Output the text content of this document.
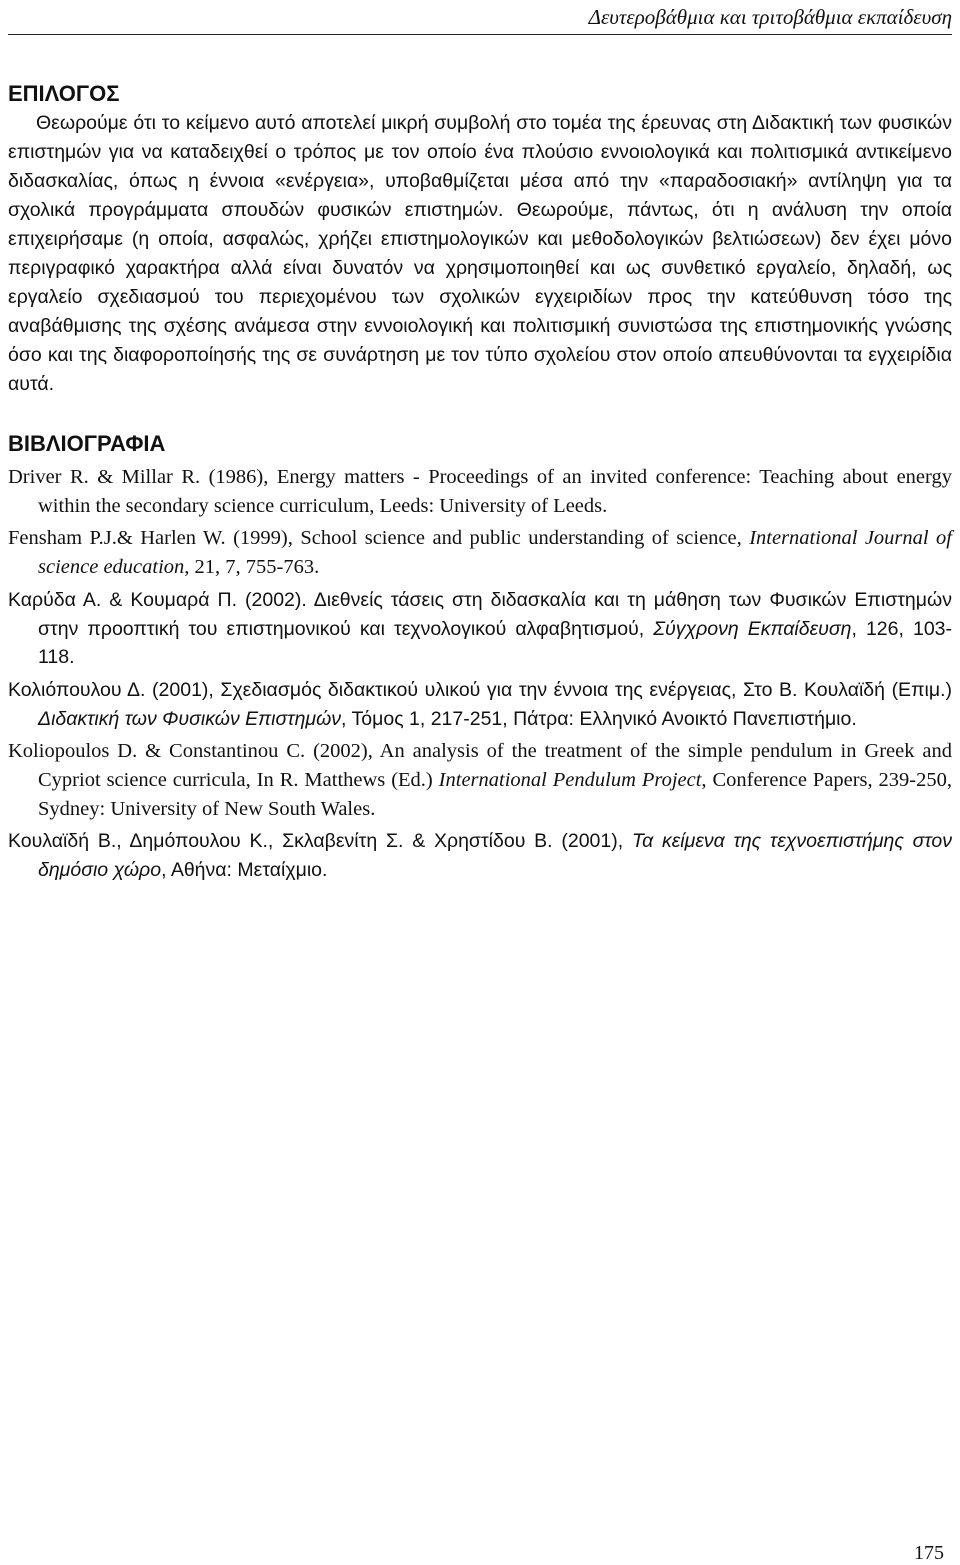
Δευτεροβάθμια και τριτοβάθμια εκπαίδευση
ΕΠΙΛΟΓΟΣ

Θεωρούμε ότι το κείμενο αυτό αποτελεί μικρή συμβολή στο τομέα της έρευνας στη Διδακτική των φυσικών επιστημών για να καταδειχθεί ο τρόπος με τον οποίο ένα πλούσιο εννοιολογικά και πολιτισμικά αντικείμενο διδασκαλίας, όπως η έννοια «ενέργεια», υποβαθμίζεται μέσα από την «παραδοσιακή» αντίληψη για τα σχολικά προγράμματα σπουδών φυσικών επιστημών. Θεωρούμε, πάντως, ότι η ανάλυση την οποία επιχειρήσαμε (η οποία, ασφαλώς, χρήζει επιστημολογικών και μεθοδολογικών βελτιώσεων) δεν έχει μόνο περιγραφικό χαρακτήρα αλλά είναι δυνατόν να χρησιμοποιηθεί και ως συνθετικό εργαλείο, δηλαδή, ως εργαλείο σχεδιασμού του περιεχομένου των σχολικών εγχειριδίων προς την κατεύθυνση τόσο της αναβάθμισης της σχέσης ανάμεσα στην εννοιολογική και πολιτισμική συνιστώσα της επιστημονικής γνώσης όσο και της διαφοροποίησής της σε συνάρτηση με τον τύπο σχολείου στον οποίο απευθύνονται τα εγχειρίδια αυτά.

ΒΙΒΛΙΟΓΡΑΦΙΑ
Driver R. & Millar R. (1986), Energy matters - Proceedings of an invited conference: Teaching about energy within the secondary science curriculum, Leeds: University of Leeds.
Fensham P.J.& Harlen W. (1999), School science and public understanding of science, International Journal of science education, 21, 7, 755-763.
Καρύδα Α. & Κουμαρά Π. (2002). Διεθνείς τάσεις στη διδασκαλία και τη μάθηση των Φυσικών Επιστημών στην προοπτική του επιστημονικού και τεχνολογικού αλφαβητισμού, Σύγχρονη Εκπαίδευση, 126, 103-118.
Κολιόπουλου Δ. (2001), Σχεδιασμός διδακτικού υλικού για την έννοια της ενέργειας, Στο Β. Κουλαϊδή (Επιμ.) Διδακτική των Φυσικών Επιστημών, Τόμος 1, 217-251, Πάτρα: Ελληνικό Ανοικτό Πανεπιστήμιο.
Koliopoulos D. & Constantinou C. (2002), An analysis of the treatment of the simple pendulum in Greek and Cypriot science curricula, In R. Matthews (Ed.) International Pendulum Project, Conference Papers, 239-250, Sydney: University of New South Wales.
Κουλαϊδή Β., Δημόπουλου Κ., Σκλαβενίτη Σ. & Χρηστίδου Β. (2001), Τα κείμενα της τεχνοεπιστήμης στον δημόσιο χώρο, Αθήνα: Μεταίχμιο.
175
